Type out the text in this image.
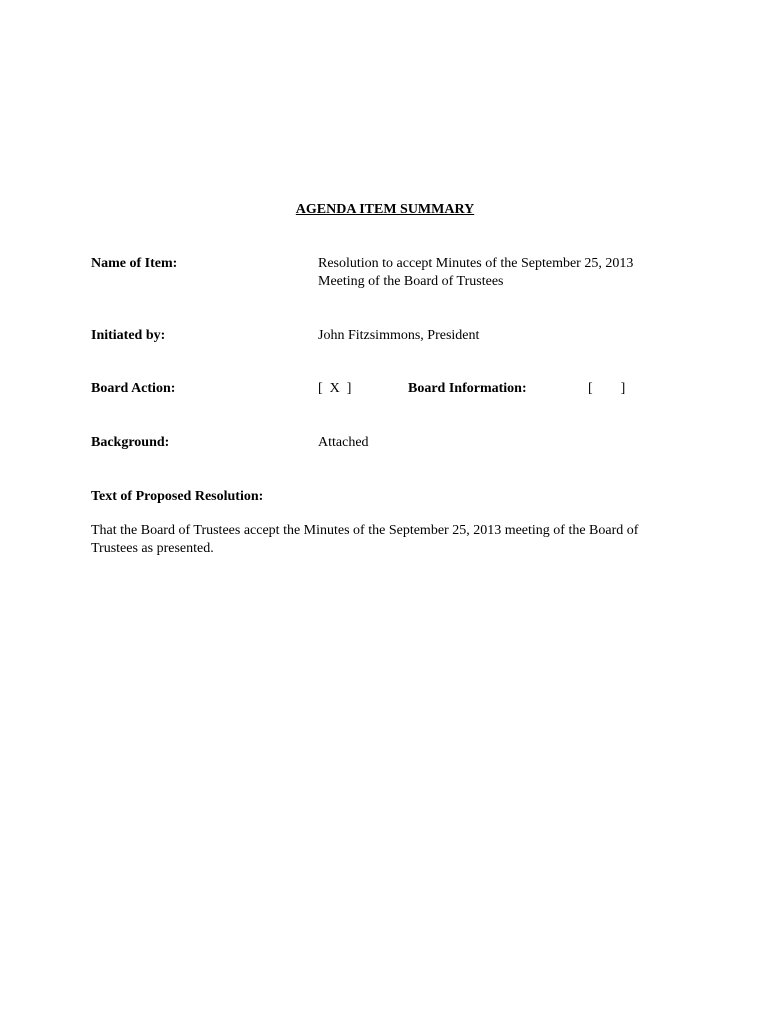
AGENDA ITEM SUMMARY
Name of Item:	Resolution to accept Minutes of the September 25, 2013
Meeting of the Board of Trustees
Initiated by:	John Fitzsimmons, President
Board Action:	[  X  ]	Board Information:	[        ]
Background:	Attached
Text of Proposed Resolution:
That the Board of Trustees accept the Minutes of the September 25, 2013 meeting of the Board of Trustees as presented.
